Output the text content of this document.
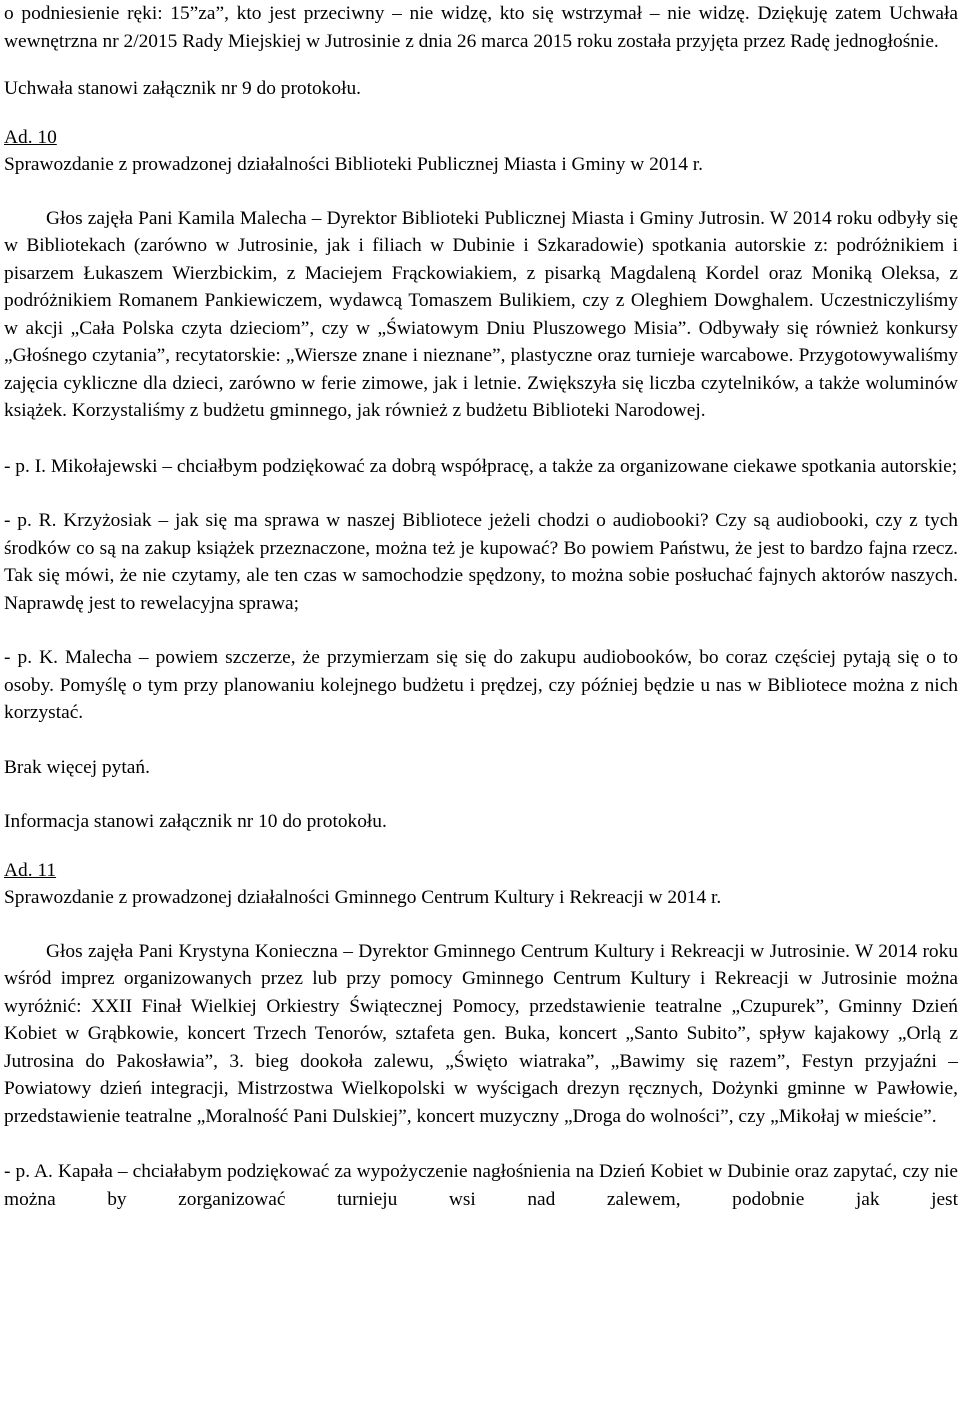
o podniesienie ręki: 15”za”, kto jest przeciwny – nie widzę, kto się wstrzymał – nie widzę. Dziękuję zatem Uchwała wewnętrzna nr 2/2015 Rady Miejskiej w Jutrosinie z dnia 26 marca 2015 roku została przyjęta przez Radę jednogłośnie.

Uchwała stanowi załącznik nr 9 do protokołu.

Ad. 10

Sprawozdanie z prowadzonej działalności Biblioteki Publicznej Miasta i Gminy w 2014 r.

Głos zajęła Pani Kamila Malecha – Dyrektor Biblioteki Publicznej Miasta i Gminy Jutrosin. W 2014 roku odbyły się w Bibliotekach (zarówno w Jutrosinie, jak i filiach w Dubinie i Szkaradowie) spotkania autorskie z: podróżnikiem i pisarzem Łukaszem Wierzbickim, z Maciejem Frąckowiakiem, z pisarką Magdaleną Kordel oraz Moniką Oleksa, z podróżnikiem Romanem Pankiewiczem, wydawcą Tomaszem Bulikiem, czy z Oleghiem Dowghalem. Uczestniczyliśmy w akcji „Cała Polska czyta dzieciom”, czy w „Światowym Dniu Pluszowego Misia”. Odbywały się również konkursy „Głośnego czytania”, recytatorskie: „Wiersze znane i nieznane”, plastyczne oraz turnieje warcabowe. Przygotowywaliśmy zajęcia cykliczne dla dzieci, zarówno w ferie zimowe, jak i letnie. Zwiększyła się liczba czytelników, a także woluminów książek. Korzystaliśmy z budżetu gminnego, jak również z budżetu Biblioteki Narodowej.

- p. I. Mikołajewski – chciałbym podziękować za dobrą współpracę, a także za organizowane ciekawe spotkania autorskie;

- p. R. Krzyżosiak – jak się ma sprawa w naszej Bibliotece jeżeli chodzi o audiobooki? Czy są audiobooki, czy z tych środków co są na zakup książek przeznaczone, można też je kupować? Bo powiem Państwu, że jest to bardzo fajna rzecz. Tak się mówi, że nie czytamy, ale ten czas w samochodzie spędzony, to można sobie posłuchać fajnych aktorów naszych. Naprawdę jest to rewelacyjna sprawa;

- p. K. Malecha – powiem szczerze, że przymierzam się się do zakupu audiobooków, bo coraz częściej pytają się o to osoby. Pomyślę o tym przy planowaniu kolejnego budżetu i prędzej, czy później będzie u nas w Bibliotece można z nich korzystać.

Brak więcej pytań.

Informacja stanowi załącznik nr 10 do protokołu.

Ad. 11

Sprawozdanie z prowadzonej działalności Gminnego Centrum Kultury i Rekreacji w 2014 r.

Głos zajęła Pani Krystyna Konieczna – Dyrektor Gminnego Centrum Kultury i Rekreacji w Jutrosinie. W 2014 roku wśród imprez organizowanych przez lub przy pomocy Gminnego Centrum Kultury i Rekreacji w Jutrosinie można wyróżnić: XXII Finał Wielkiej Orkiestry Świątecznej Pomocy, przedstawienie teatralne „Czupurek”, Gminny Dzień Kobiet w Grąbkowie, koncert Trzech Tenorów, sztafeta gen. Buka, koncert „Santo Subito”, spływ kajakowy „Orlą z Jutrosina do Pakosławia”, 3. bieg dookoła zalewu, „Święto wiatraka”, „Bawimy się razem”, Festyn przyjaźni – Powiatowy dzień integracji, Mistrzostwa Wielkopolski w wyścigach drezyn ręcznych, Dożynki gminne w Pawłowie, przedstawienie teatralne „Moralność Pani Dulskiej”, koncert muzyczny „Droga do wolności”, czy „Mikołaj w mieście”.

- p. A. Kapała – chciałabym podziękować za wypożyczenie nagłośnienia na Dzień Kobiet w Dubinie oraz zapytać, czy nie można by zorganizować turnieju wsi nad zalewem, podobnie jak jest
